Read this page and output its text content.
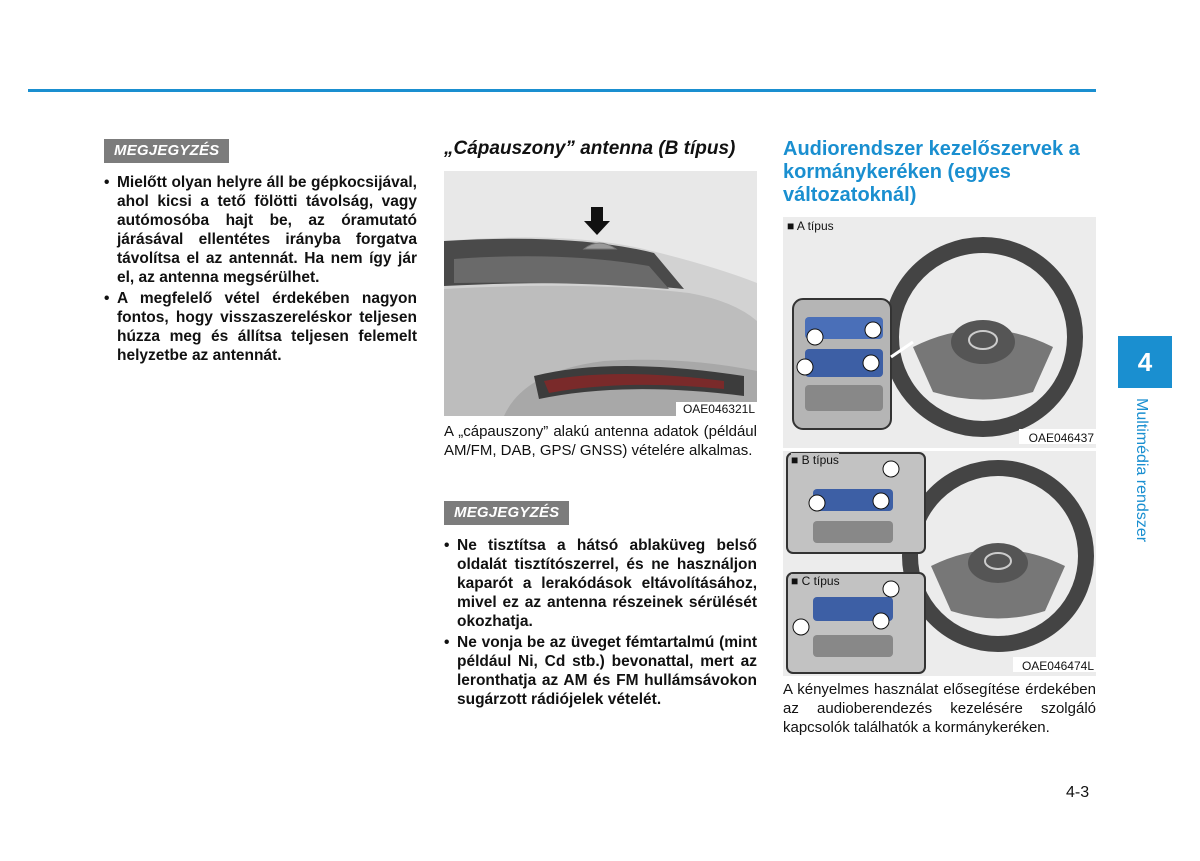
MEGJEGYZÉS
• Mielőtt olyan helyre áll be gépkocsijával, ahol kicsi a tető fölötti távolság, vagy autómosóba hajt be, az óramutató járásával ellentétes irányba forgatva távolítsa el az antennát. Ha nem így jár el, az antenna megsérülhet.
• A megfelelő vétel érdekében nagyon fontos, hogy visszaszereléskor teljesen húzza meg és állítsa teljesen felemelt helyzetbe az antennát.
„Cápauszony” antenna (B típus)
OAE046321L
A „cápauszony” alakú antenna adatok (például AM/FM, DAB, GPS/ GNSS) vételére alkalmas.
MEGJEGYZÉS
• Ne tisztítsa a hátsó ablaküveg belső oldalát tisztítószerrel, és ne használjon kaparót a lerakódások eltávolításához, mivel ez az antenna részeinek sérülését okozhatja.
• Ne vonja be az üveget fémtartalmú (mint például Ni, Cd stb.) bevonattal, mert az leronthatja az AM és FM hullámsávokon sugárzott rádiójelek vételét.
Audiorendszer kezelőszervek a kormánykeréken (egyes változatoknál)
■ A típus
OAE046437
■ B típus
■ C típus
OAE046474L
A kényelmes használat elősegítése érdekében az audioberendezés kezelésére szolgáló kapcsolók találhatók a kormánykeréken.
4
Multimédia rendszer
4-3
